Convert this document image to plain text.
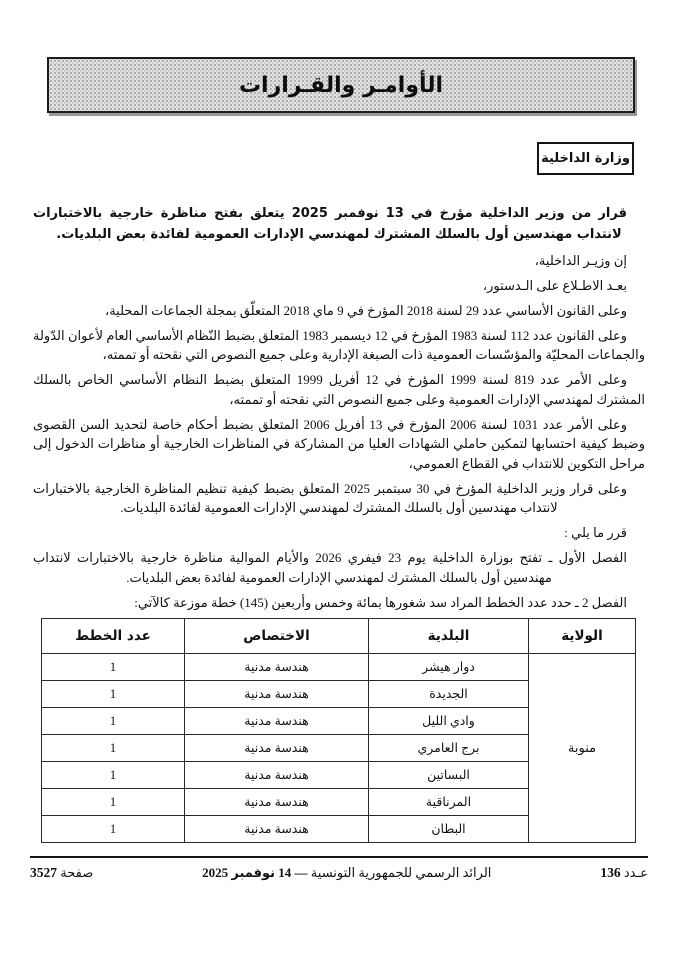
الأوامـر والقـرارات
وزارة الداخلية

قرار من وزير الداخلية مؤرخ في 13 نوفمبر 2025 يتعلق بفتح مناظرة خارجية بالاختبارات لانتداب مهندسين أول بالسلك المشترك لمهندسي الإدارات العمومية لفائدة بعض البلديات.

إن وزيـر الداخلية،

بعـد الاطـلاع على الـدستور،

وعلى القانون الأساسي عدد 29 لسنة 2018 المؤرخ في 9 ماي 2018 المتعلّق بمجلة الجماعات المحلية،

وعلى القانون عدد 112 لسنة 1983 المؤرخ في 12 ديسمبر 1983 المتعلق بضبط النّظام الأساسي العام لأعوان الدّولة والجماعات المحليّة والمؤسّسات العمومية ذات الصبغة الإدارية وعلى جميع النصوص التي نقحته أو تممته،

وعلى الأمر عدد 819 لسنة 1999 المؤرخ في 12 أفريل 1999 المتعلق بضبط النظام الأساسي الخاص بالسلك المشترك لمهندسي الإدارات العمومية وعلى جميع النصوص التي نقحته أو تممته،

وعلى الأمر عدد 1031 لسنة 2006 المؤرخ في 13 أفريل 2006 المتعلق بضبط أحكام خاصة لتحديد السن القصوى وضبط كيفية احتسابها لتمكين حاملي الشهادات العليا من المشاركة في المناظرات الخارجية أو مناظرات الدخول إلى مراحل التكوين للانتداب في القطاع العمومي،

وعلى قرار وزير الداخلية المؤرخ في 30 سبتمبر 2025 المتعلق بضبط كيفية تنظيم المناظرة الخارجية بالاختبارات لانتداب مهندسين أول بالسلك المشترك لمهندسي الإدارات العمومية لفائدة البلديات.

قرر ما يلي :

الفصل الأول ـ تفتح بوزارة الداخلية يوم 23 فيفري 2026 والأيام الموالية مناظرة خارجية بالاختبارات لانتداب مهندسين أول بالسلك المشترك لمهندسي الإدارات العمومية لفائدة بعض البلديات.

الفصل 2 ـ حدد عدد الخطط المراد سد شغورها بمائة وخمس وأربعين (145) خطة موزعة كالآتي:

الولاية	البلدية	الاختصاص	عدد الخطط
منوبة	دوار هيشر	هندسة مدنية	1
	الجديدة	هندسة مدنية	1
	وادي الليل	هندسة مدنية	1
	برج العامري	هندسة مدنية	1
	البساتين	هندسة مدنية	1
	المرناقية	هندسة مدنية	1
	البطان	هندسة مدنية	1
عـدد 136
الرائد الرسمي للجمهورية التونسية — 14 نوفمبر 2025
صفحة 3527
